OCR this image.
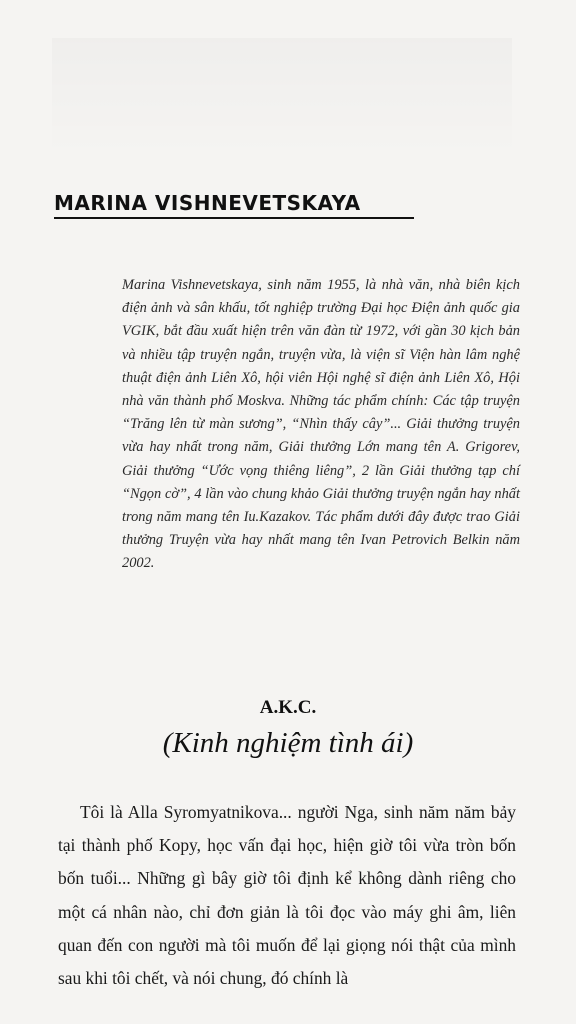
MARINA VISHNEVETSKAYA

Marina Vishnevetskaya, sinh năm 1955, là nhà văn, nhà biên kịch điện ảnh và sân khấu, tốt nghiệp trường Đại học Điện ảnh quốc gia VGIK, bắt đầu xuất hiện trên văn đàn từ 1972, với gần 30 kịch bản và nhiều tập truyện ngắn, truyện vừa, là viện sĩ Viện hàn lâm nghệ thuật điện ảnh Liên Xô, hội viên Hội nghệ sĩ điện ảnh Liên Xô, Hội nhà văn thành phố Moskva. Những tác phẩm chính: Các tập truyện “Trăng lên từ màn sương”, “Nhìn thấy cây”... Giải thưởng truyện vừa hay nhất trong năm, Giải thưởng Lớn mang tên A. Grigorev, Giải thưởng “Ước vọng thiêng liêng”, 2 lần Giải thưởng tạp chí “Ngọn cờ”, 4 lần vào chung khảo Giải thưởng truyện ngắn hay nhất trong năm mang tên Iu.Kazakov. Tác phẩm dưới đây được trao Giải thưởng Truyện vừa hay nhất mang tên Ivan Petrovich Belkin năm 2002.

A.K.C.
(Kinh nghiệm tình ái)

Tôi là Alla Syromyatnikova... người Nga, sinh năm năm bảy tại thành phố Kopy, học vấn đại học, hiện giờ tôi vừa tròn bốn bốn tuổi... Những gì bây giờ tôi định kể không dành riêng cho một cá nhân nào, chỉ đơn giản là tôi đọc vào máy ghi âm, liên quan đến con người mà tôi muốn để lại giọng nói thật của mình sau khi tôi chết, và nói chung, đó chính là
